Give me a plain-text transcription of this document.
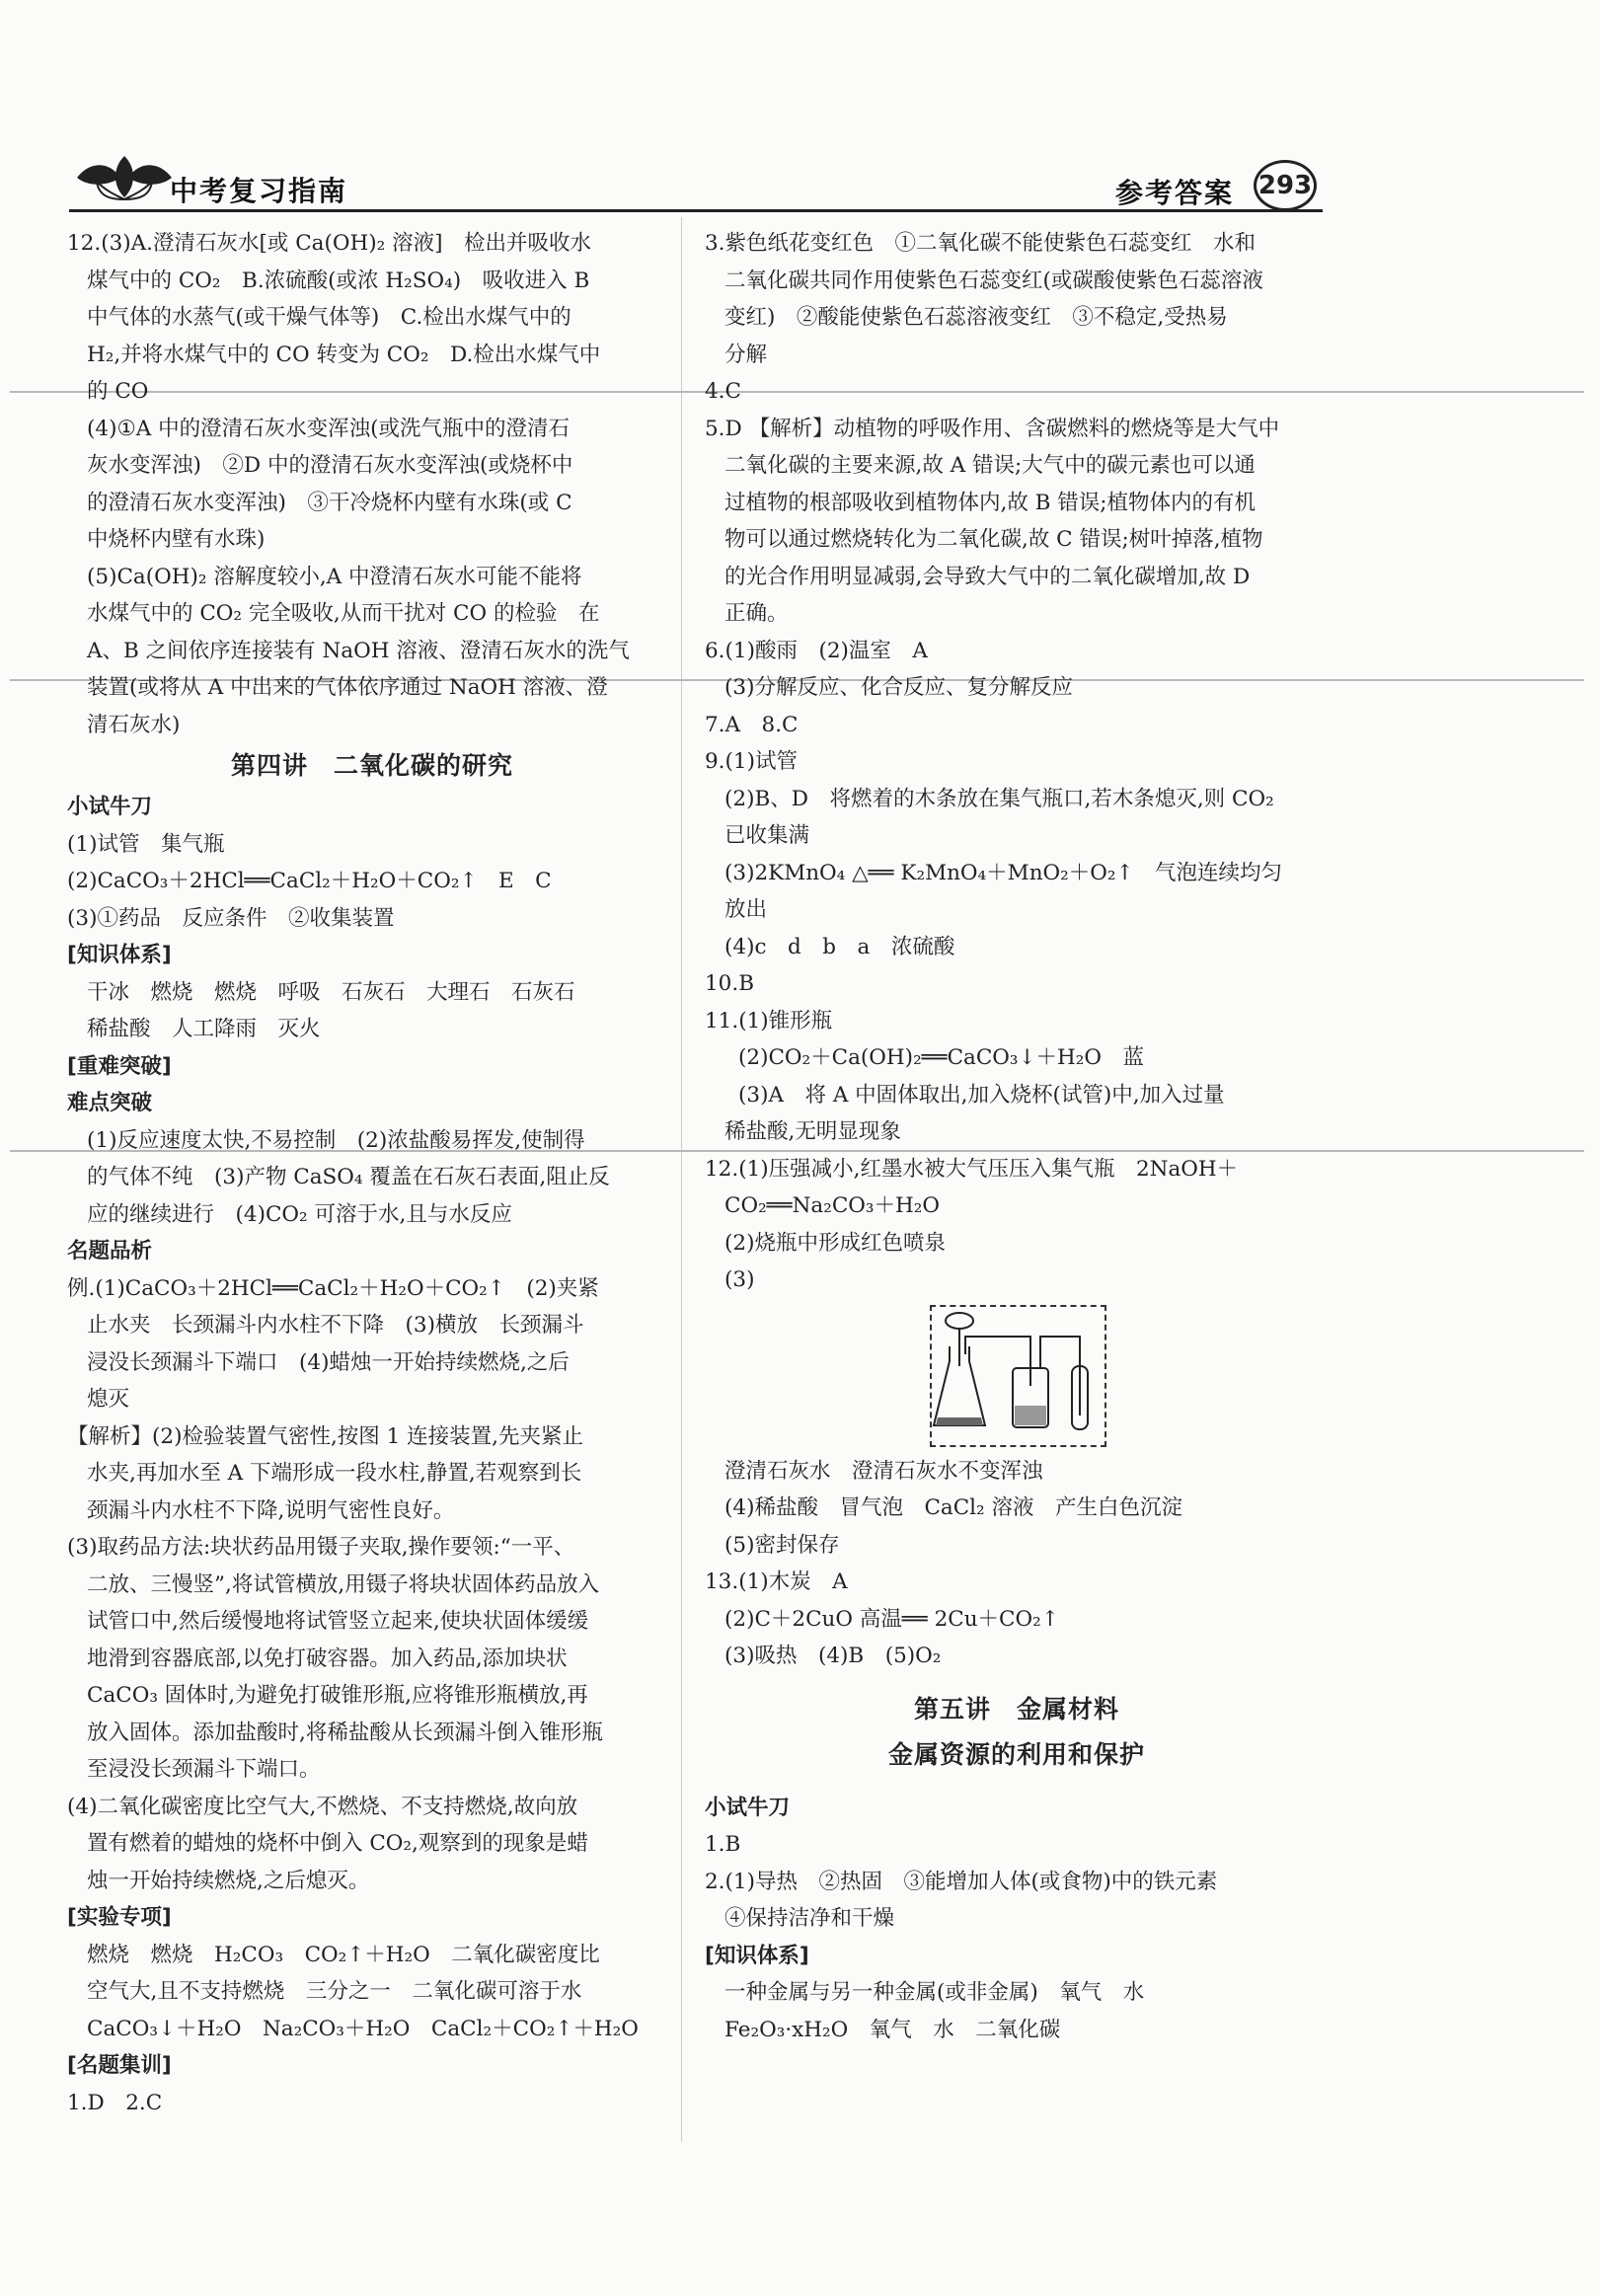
中考复习指南	参考答案 293
12.(3)A.澄清石灰水[或 Ca(OH)₂ 溶液]　检出并吸收水
煤气中的 CO₂　B.浓硫酸(或浓 H₂SO₄)　吸收进入 B
中气体的水蒸气(或干燥气体等)　C.检出水煤气中的
H₂,并将水煤气中的 CO 转变为 CO₂　D.检出水煤气中
的 CO
(4)①A 中的澄清石灰水变浑浊(或洗气瓶中的澄清石
灰水变浑浊)　②D 中的澄清石灰水变浑浊(或烧杯中
的澄清石灰水变浑浊)　③干冷烧杯内壁有水珠(或 C
中烧杯内壁有水珠)
(5)Ca(OH)₂ 溶解度较小,A 中澄清石灰水可能不能将
水煤气中的 CO₂ 完全吸收,从而干扰对 CO 的检验　在
A、B 之间依序连接装有 NaOH 溶液、澄清石灰水的洗气
装置(或将从 A 中出来的气体依序通过 NaOH 溶液、澄
清石灰水)
第四讲　二氧化碳的研究
小试牛刀
(1)试管　集气瓶
(2)CaCO₃＋2HCl══CaCl₂＋H₂O＋CO₂↑　E　C
(3)①药品　反应条件　②收集装置
[知识体系]
干冰　燃烧　燃烧　呼吸　石灰石　大理石　石灰石
稀盐酸　人工降雨　灭火
[重难突破]
难点突破
(1)反应速度太快,不易控制　(2)浓盐酸易挥发,使制得
的气体不纯　(3)产物 CaSO₄ 覆盖在石灰石表面,阻止反
应的继续进行　(4)CO₂ 可溶于水,且与水反应
名题品析
例.(1)CaCO₃＋2HCl══CaCl₂＋H₂O＋CO₂↑　(2)夹紧
止水夹　长颈漏斗内水柱不下降　(3)横放　长颈漏斗
浸没长颈漏斗下端口　(4)蜡烛一开始持续燃烧,之后
熄灭
【解析】(2)检验装置气密性,按图 1 连接装置,先夹紧止
水夹,再加水至 A 下端形成一段水柱,静置,若观察到长
颈漏斗内水柱不下降,说明气密性良好。
(3)取药品方法:块状药品用镊子夹取,操作要领:“一平、
二放、三慢竖”,将试管横放,用镊子将块状固体药品放入
试管口中,然后缓慢地将试管竖立起来,使块状固体缓缓
地滑到容器底部,以免打破容器。加入药品,添加块状
CaCO₃ 固体时,为避免打破锥形瓶,应将锥形瓶横放,再
放入固体。添加盐酸时,将稀盐酸从长颈漏斗倒入锥形瓶
至浸没长颈漏斗下端口。
(4)二氧化碳密度比空气大,不燃烧、不支持燃烧,故向放
置有燃着的蜡烛的烧杯中倒入 CO₂,观察到的现象是蜡
烛一开始持续燃烧,之后熄灭。
[实验专项]
燃烧　燃烧　H₂CO₃　CO₂↑＋H₂O　二氧化碳密度比
空气大,且不支持燃烧　三分之一　二氧化碳可溶于水
CaCO₃↓＋H₂O　Na₂CO₃＋H₂O　CaCl₂＋CO₂↑＋H₂O
[名题集训]
1.D　2.C
3.紫色纸花变红色　①二氧化碳不能使紫色石蕊变红　水和
二氧化碳共同作用使紫色石蕊变红(或碳酸使紫色石蕊溶液
变红)　②酸能使紫色石蕊溶液变红　③不稳定,受热易
分解
4.C
5.D 【解析】动植物的呼吸作用、含碳燃料的燃烧等是大气中
二氧化碳的主要来源,故 A 错误;大气中的碳元素也可以通
过植物的根部吸收到植物体内,故 B 错误;植物体内的有机
物可以通过燃烧转化为二氧化碳,故 C 错误;树叶掉落,植物
的光合作用明显减弱,会导致大气中的二氧化碳增加,故 D
正确。
6.(1)酸雨　(2)温室　A
(3)分解反应、化合反应、复分解反应
7.A　8.C
9.(1)试管
(2)B、D　将燃着的木条放在集气瓶口,若木条熄灭,则 CO₂
已收集满
(3)2KMnO₄ △══ K₂MnO₄＋MnO₂＋O₂↑　气泡连续均匀
放出
(4)c　d　b　a　浓硫酸
10.B
11.(1)锥形瓶
(2)CO₂＋Ca(OH)₂══CaCO₃↓＋H₂O　蓝
(3)A　将 A 中固体取出,加入烧杯(试管)中,加入过量
稀盐酸,无明显现象
12.(1)压强减小,红墨水被大气压压入集气瓶　2NaOH＋
CO₂══Na₂CO₃＋H₂O
(2)烧瓶中形成红色喷泉
(3)
澄清石灰水　澄清石灰水不变浑浊
(4)稀盐酸　冒气泡　CaCl₂ 溶液　产生白色沉淀
(5)密封保存
13.(1)木炭　A
(2)C＋2CuO 高温══ 2Cu＋CO₂↑
(3)吸热　(4)B　(5)O₂
第五讲　金属材料
金属资源的利用和保护
小试牛刀
1.B
2.(1)导热　②热固　③能增加人体(或食物)中的铁元素
④保持洁净和干燥
[知识体系]
一种金属与另一种金属(或非金属)　氧气　水
Fe₂O₃·xH₂O　氧气　水　二氧化碳
